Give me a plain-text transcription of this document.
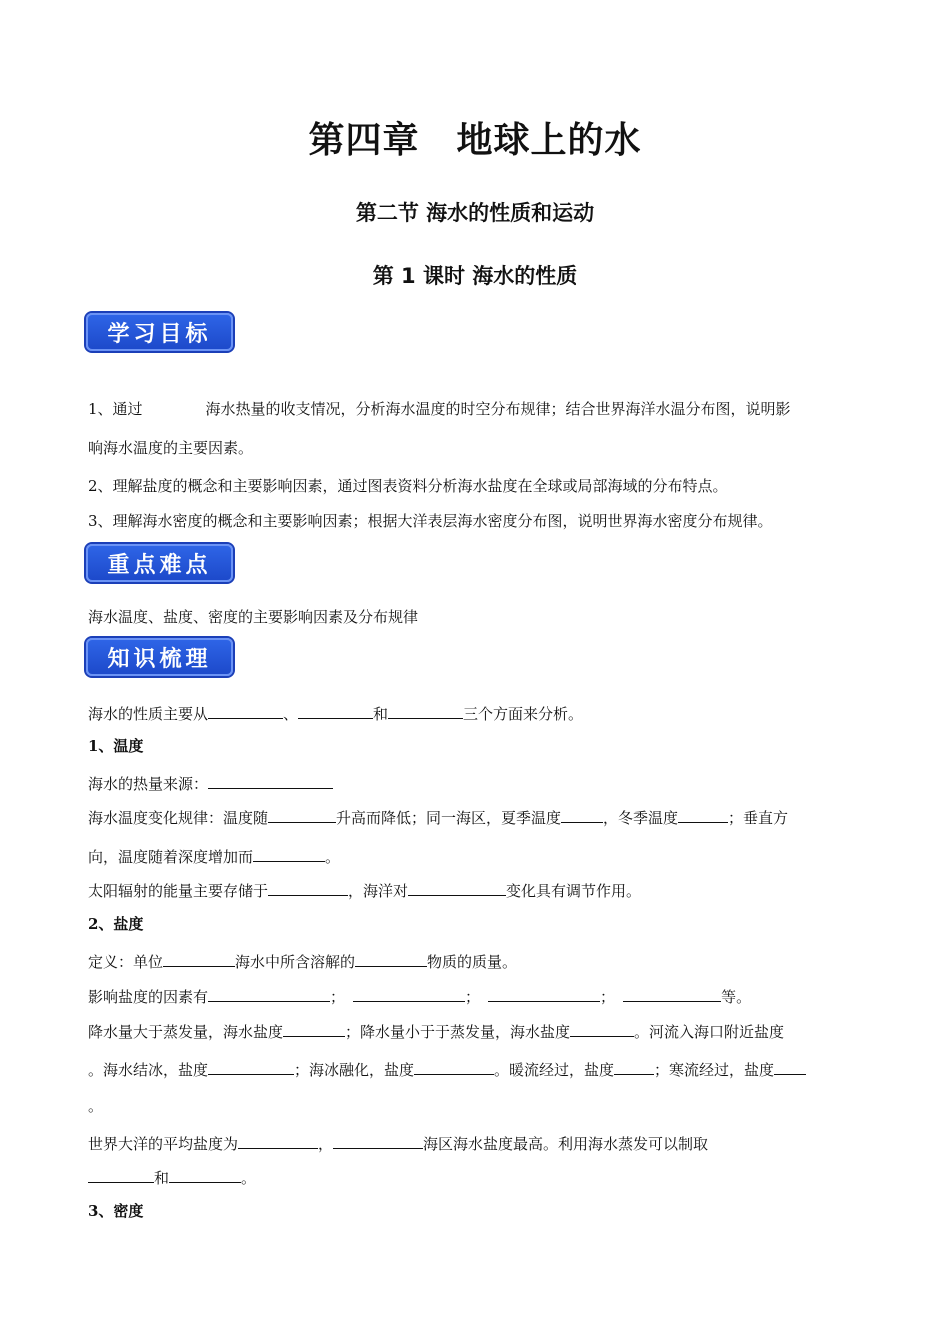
第四章　地球上的水
第二节 海水的性质和运动
第 1 课时 海水的性质
学习目标
1、通过	海水热量的收支情况，分析海水温度的时空分布规律；结合世界海洋水温分布图，说明影
响海水温度的主要因素。
2、理解盐度的概念和主要影响因素，通过图表资料分析海水盐度在全球或局部海域的分布特点。
3、理解海水密度的概念和主要影响因素；根据大洋表层海水密度分布图，说明世界海水密度分布规律。
重点难点
海水温度、盐度、密度的主要影响因素及分布规律
知识梳理
海水的性质主要从	、	和	三个方面来分析。
1、温度
海水的热量来源：
海水温度变化规律：温度随	升高而降低；同一海区，夏季温度	，冬季温度	；垂直方
向，温度随着深度增加而	。
太阳辐射的能量主要存储于	，海洋对	变化具有调节作用。
2、盐度
定义：单位	海水中所含溶解的	物质的质量。
影响盐度的因素有	；	；	；	等。
降水量大于蒸发量，海水盐度	；降水量小于于蒸发量，海水盐度	。河流入海口附近盐度
。海水结冰，盐度	；海冰融化，盐度	。暖流经过，盐度	；寒流经过，盐度
。
世界大洋的平均盐度为	，	海区海水盐度最高。利用海水蒸发可以制取
和	。
3、密度
